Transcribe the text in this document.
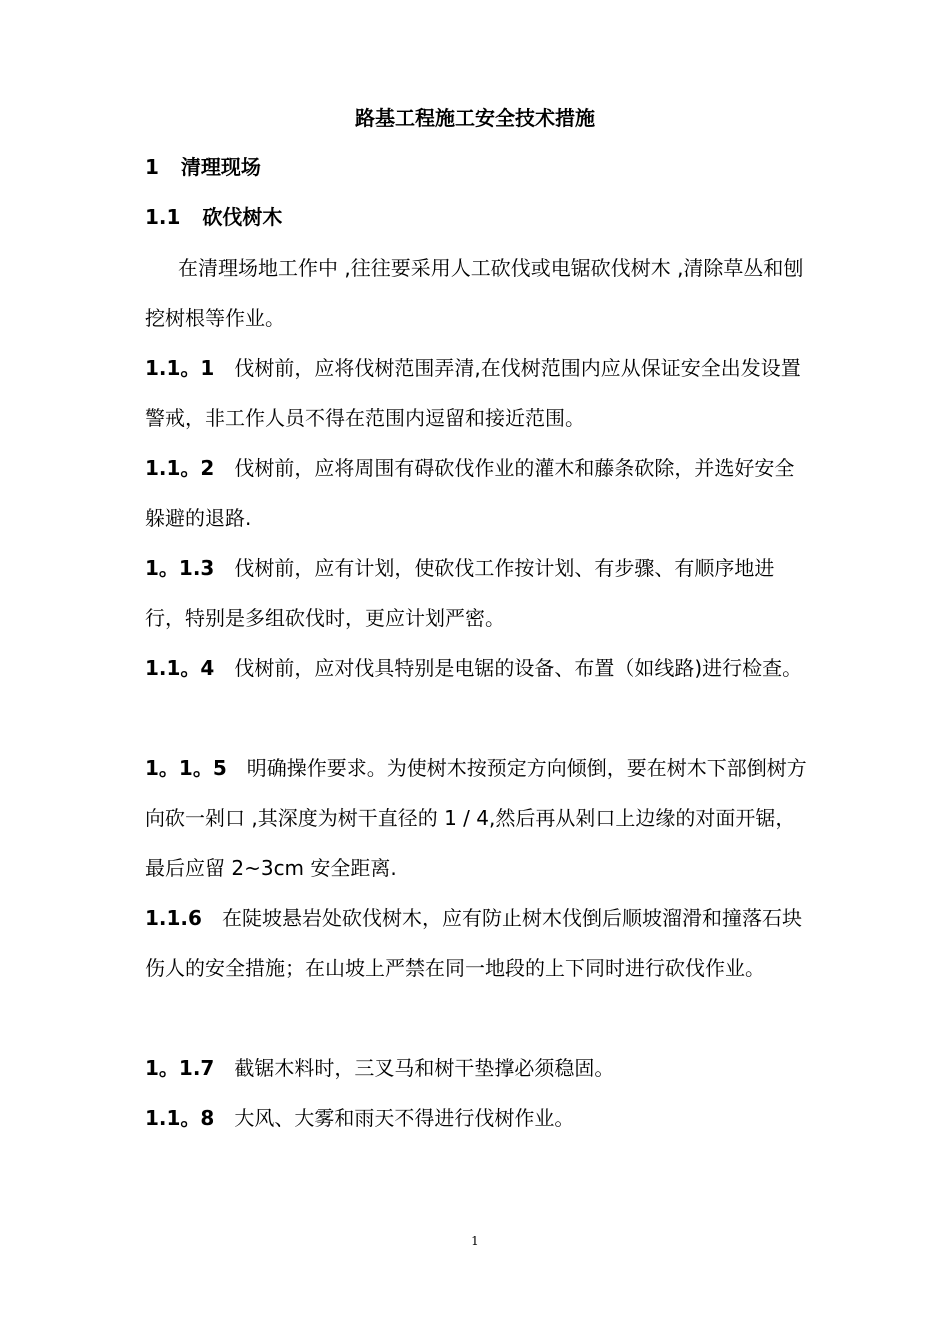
路基工程施工安全技术措施
1 清理现场
1.1 砍伐树木
在清理场地工作中 ,往往要采用人工砍伐或电锯砍伐树木 ,清除草丛和刨挖树根等作业。
1.1。1 伐树前，应将伐树范围弄清,在伐树范围内应从保证安全出发设置警戒，非工作人员不得在范围内逗留和接近范围。
1.1。2 伐树前，应将周围有碍砍伐作业的灌木和藤条砍除，并选好安全躲避的退路.
1。1.3 伐树前，应有计划，使砍伐工作按计划、有步骤、有顺序地进行，特别是多组砍伐时，更应计划严密。
1.1。4 伐树前，应对伐具特别是电锯的设备、布置（如线路)进行检查。
1。1。5 明确操作要求。为使树木按预定方向倾倒，要在树木下部倒树方向砍一剁口 ,其深度为树干直径的 1 / 4,然后再从剁口上边缘的对面开锯，最后应留 2~3cm 安全距离.
1.1.6 在陡坡悬岩处砍伐树木，应有防止树木伐倒后顺坡溜滑和撞落石块伤人的安全措施；在山坡上严禁在同一地段的上下同时进行砍伐作业。
1。1.7 截锯木料时，三叉马和树干垫撑必须稳固。
1.1。8 大风、大雾和雨天不得进行伐树作业。
1
